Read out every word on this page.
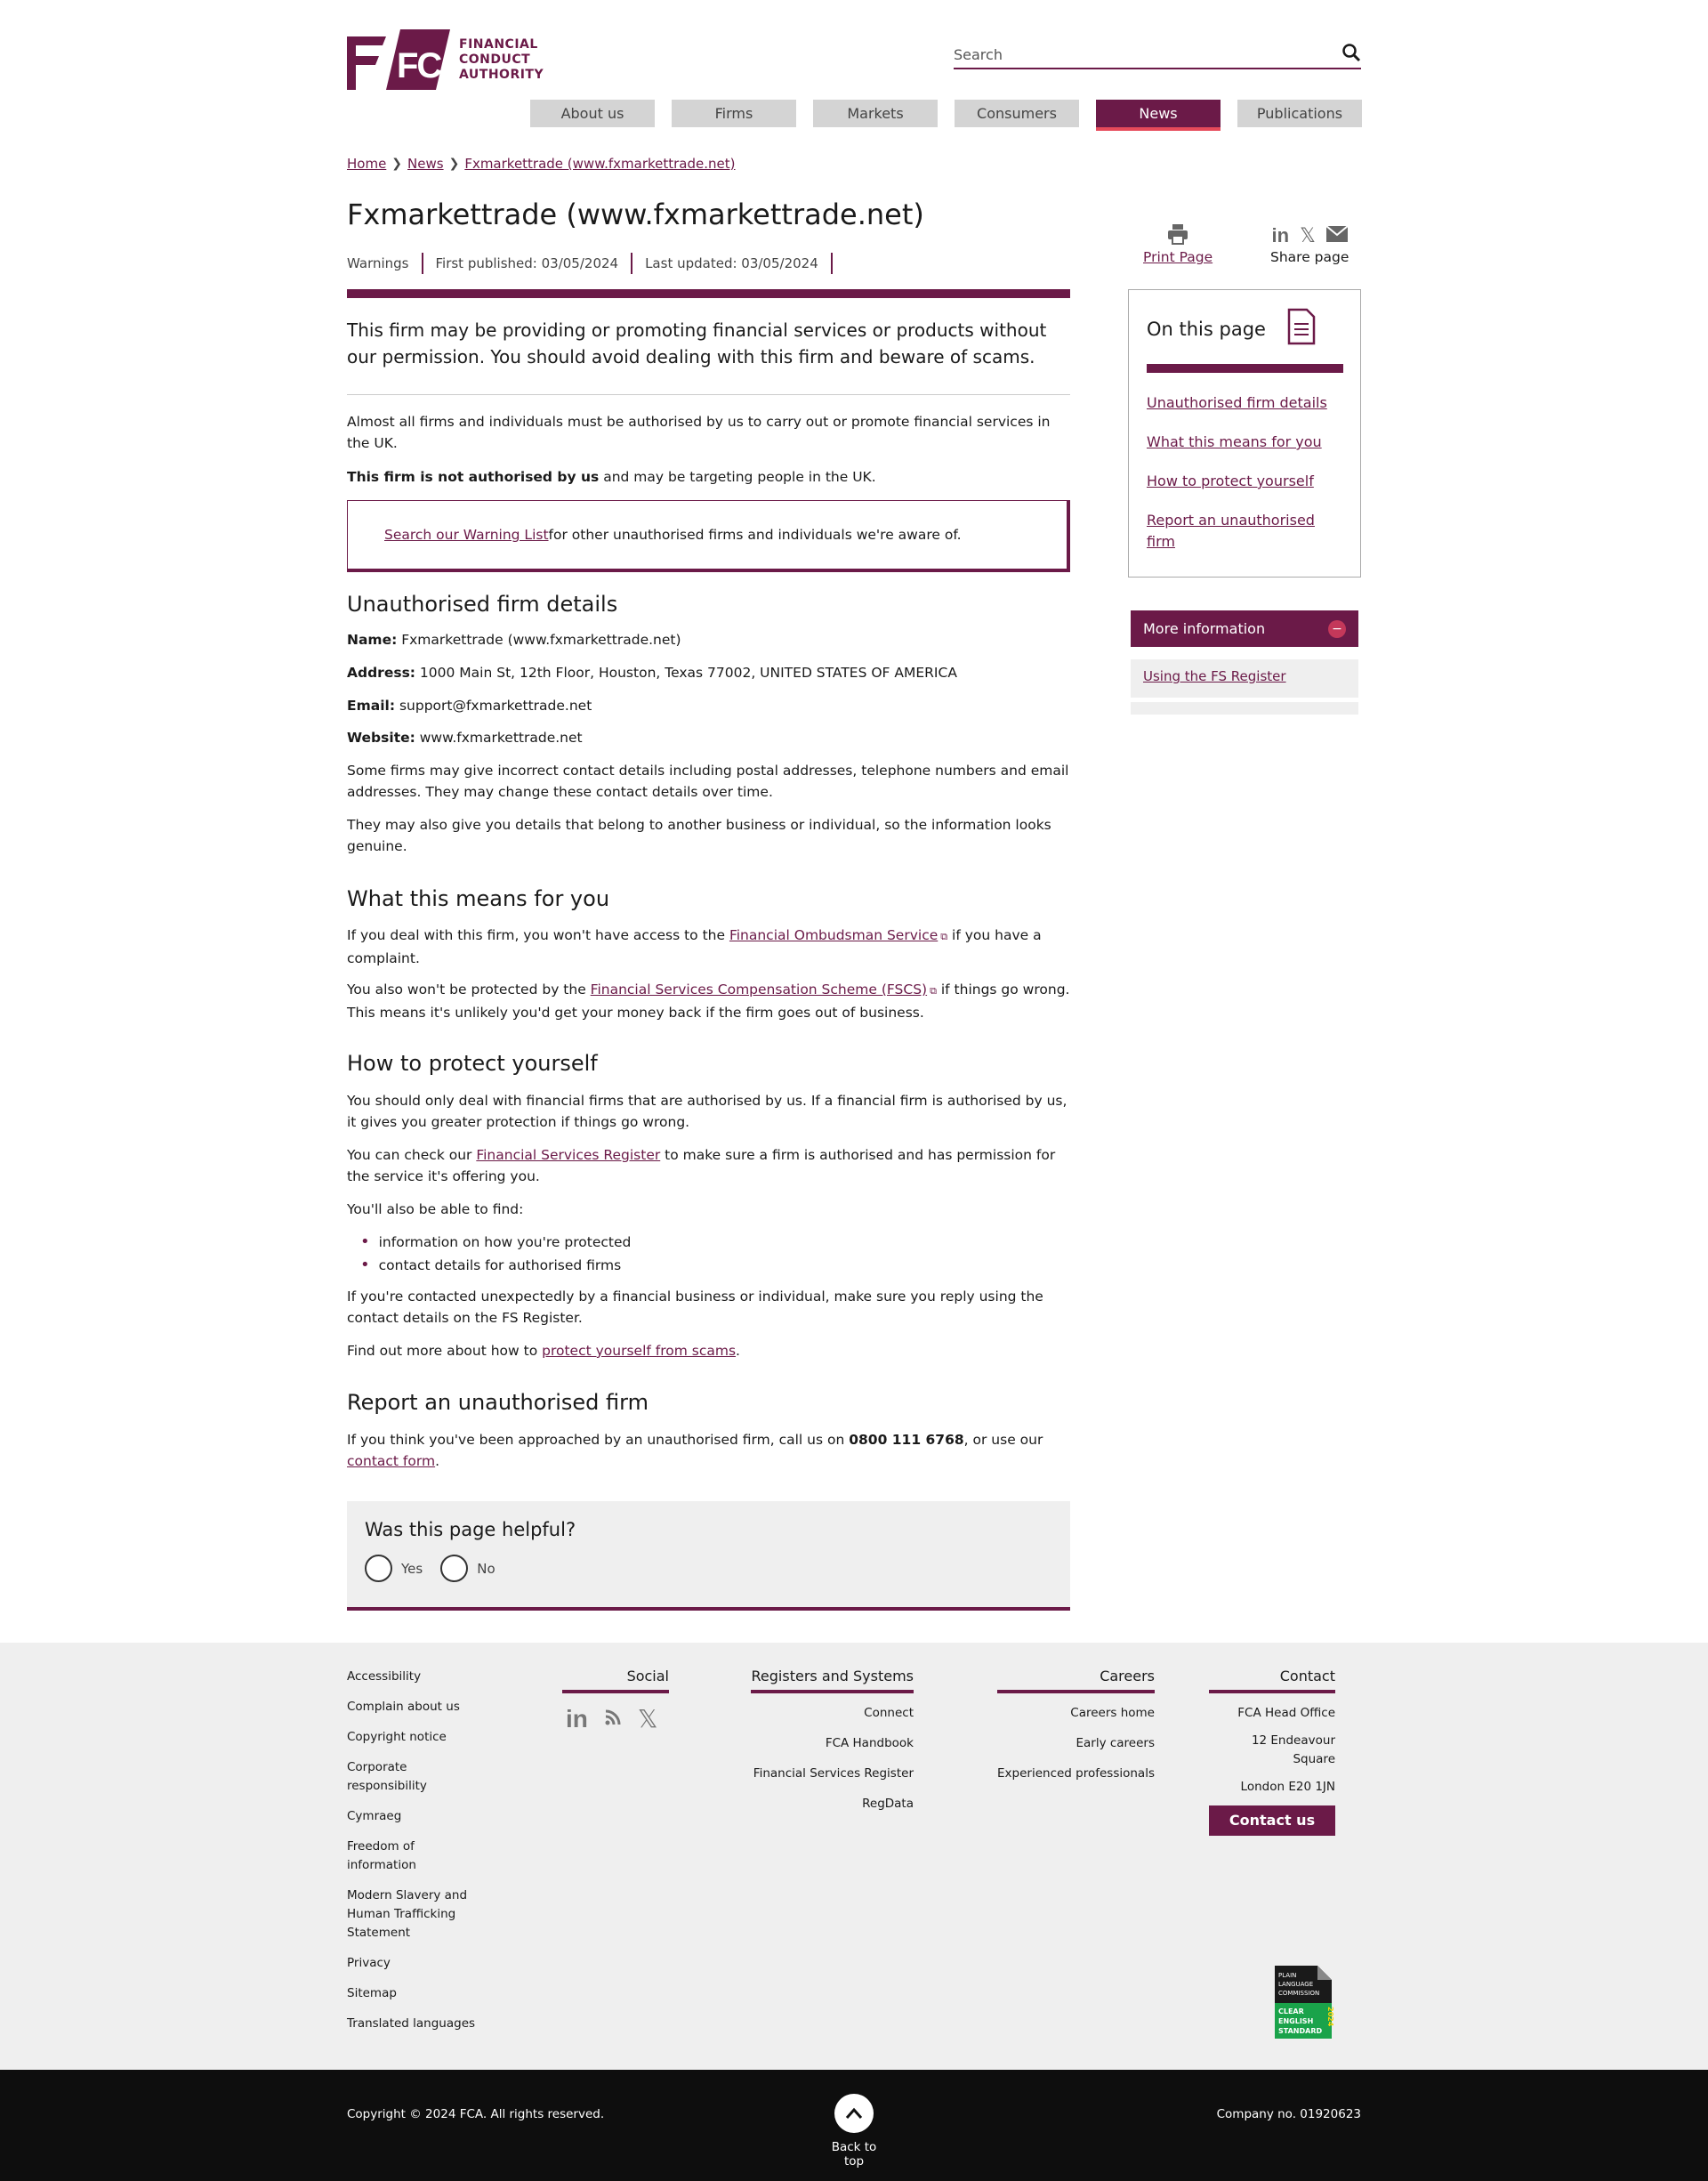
FCA
FINANCIAL
CONDUCT
AUTHORITY
Search
About us	Firms	Markets	Consumers	News	Publications
Home ❯ News ❯ Fxmarkettrade (www.fxmarkettrade.net)
Fxmarkettrade (www.fxmarkettrade.net)
Warnings	First published: 03/05/2024	Last updated: 03/05/2024
This firm may be providing or promoting financial services or products without our permission. You should avoid dealing with this firm and beware of scams.
Almost all firms and individuals must be authorised by us to carry out or promote financial services in the UK.
This firm is not authorised by us and may be targeting people in the UK.
Search our Warning List for other unauthorised firms and individuals we're aware of.
Unauthorised firm details
Name: Fxmarkettrade (www.fxmarkettrade.net)
Address: 1000 Main St, 12th Floor, Houston, Texas 77002, UNITED STATES OF AMERICA
Email: support@fxmarkettrade.net
Website: www.fxmarkettrade.net
Some firms may give incorrect contact details including postal addresses, telephone numbers and email addresses. They may change these contact details over time.
They may also give you details that belong to another business or individual, so the information looks genuine.
What this means for you
If you deal with this firm, you won't have access to the Financial Ombudsman Service ⧉ if you have a complaint.
You also won't be protected by the Financial Services Compensation Scheme (FSCS) ⧉ if things go wrong. This means it's unlikely you'd get your money back if the firm goes out of business.
How to protect yourself
You should only deal with financial firms that are authorised by us. If a financial firm is authorised by us, it gives you greater protection if things go wrong.
You can check our Financial Services Register to make sure a firm is authorised and has permission for the service it's offering you.
You'll also be able to find:
• information on how you're protected
• contact details for authorised firms
If you're contacted unexpectedly by a financial business or individual, make sure you reply using the contact details on the FS Register.
Find out more about how to protect yourself from scams.
Report an unauthorised firm
If you think you've been approached by an unauthorised firm, call us on 0800 111 6768, or use our contact form.
Was this page helpful?
Yes	No
Print Page
in 𝕏
Share page
On this page
Unauthorised firm details
What this means for you
How to protect yourself
Report an unauthorised firm
More information	−
Using the FS Register
Accessibility
Complain about us
Copyright notice
Corporate responsibility
Cymraeg
Freedom of information
Modern Slavery and Human Trafficking Statement
Privacy
Sitemap
Translated languages
Social
in 𝕏
Registers and Systems
Connect
FCA Handbook
Financial Services Register
RegData
Careers
Careers home
Early careers
Experienced professionals
Contact
FCA Head Office
12 Endeavour Square
London E20 1JN
Contact us
PLAIN
LANGUAGE
COMMISSION
CLEAR
ENGLISH
STANDARD
2024
Copyright © 2024 FCA. All rights reserved.
Back to top
Company no. 01920623
